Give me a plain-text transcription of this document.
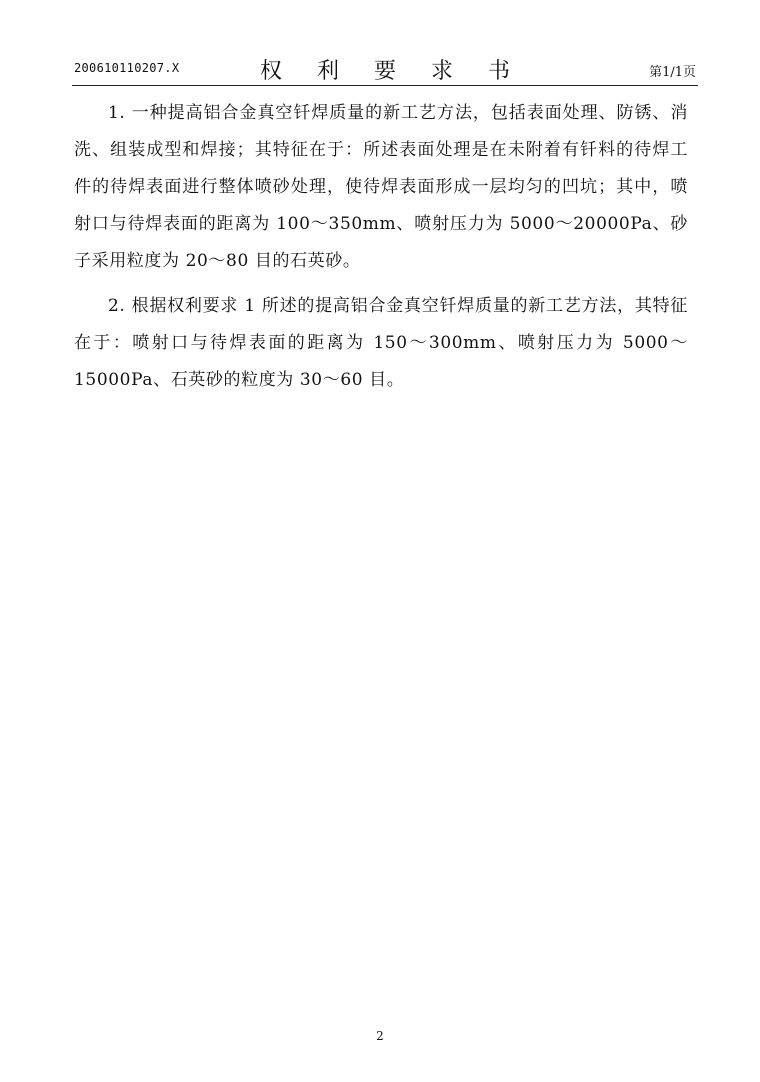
200610110207.X	权 利 要 求 书	第1/1页

1. 一种提高铝合金真空钎焊质量的新工艺方法，包括表面处理、防锈、消洗、组装成型和焊接；其特征在于：所述表面处理是在未附着有钎料的待焊工件的待焊表面进行整体喷砂处理，使待焊表面形成一层均匀的凹坑；其中，喷射口与待焊表面的距离为 100～350mm、喷射压力为 5000～20000Pa、砂子采用粒度为 20～80 目的石英砂。

2. 根据权利要求 1 所述的提高铝合金真空钎焊质量的新工艺方法，其特征在于：喷射口与待焊表面的距离为 150～300mm、喷射压力为 5000～15000Pa、石英砂的粒度为 30～60 目。

2
